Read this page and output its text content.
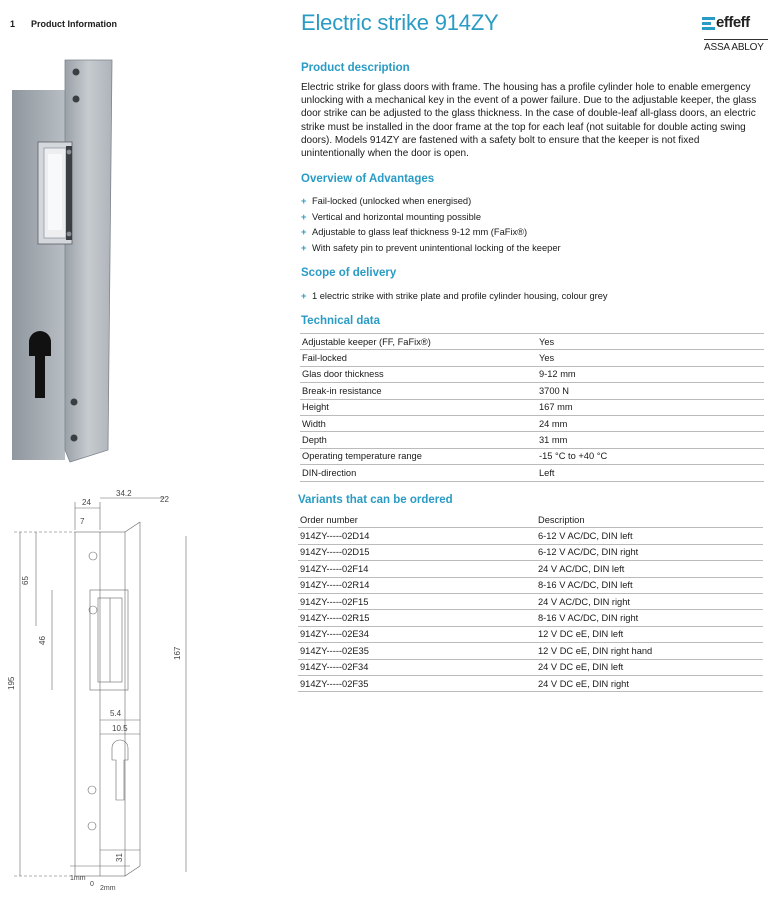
1 Product Information	Electric strike 914ZY	effeff
ASSA ABLOY
24
34.2
22
7
65
46
195
167
5.4
10.5
31
1mm
0
2mm
Product description
Electric strike for glass doors with frame. The housing has a profile cylinder hole to enable emergency unlocking with a mechanical key in the event of a power failure. Due to the adjustable keeper, the glass door strike can be adjusted to the glass thickness. In the case of double-leaf all-glass doors, an electric strike must be installed in the door frame at the top for each leaf (not suitable for double acting swing doors). Models 914ZY are fastened with a safety bolt to ensure that the keeper is not fixed unintentionally when the door is open.
Overview of Advantages
+ Fail-locked (unlocked when energised)
+ Vertical and horizontal mounting possible
+ Adjustable to glass leaf thickness 9-12 mm (FaFix®)
+ With safety pin to prevent unintentional locking of the keeper
Scope of delivery
+ 1 electric strike with strike plate and profile cylinder housing, colour grey
Technical data
Adjustable keeper (FF, FaFix®)	Yes
Fail-locked	Yes
Glas door thickness	9-12 mm
Break-in resistance	3700 N
Height	167 mm
Width	24 mm
Depth	31 mm
Operating temperature range	-15 °C to +40 °C
DIN-direction	Left
Variants that can be ordered
Order number	Description
914ZY-----02D14	6-12 V AC/DC, DIN left
914ZY-----02D15	6-12 V AC/DC, DIN right
914ZY-----02F14	24 V AC/DC, DIN left
914ZY-----02R14	8-16 V AC/DC, DIN left
914ZY-----02F15	24 V AC/DC, DIN right
914ZY-----02R15	8-16 V AC/DC, DIN right
914ZY-----02E34	12 V DC eE, DIN left
914ZY-----02E35	12 V DC eE, DIN right hand
914ZY-----02F34	24 V DC eE, DIN left
914ZY-----02F35	24 V DC eE, DIN right
